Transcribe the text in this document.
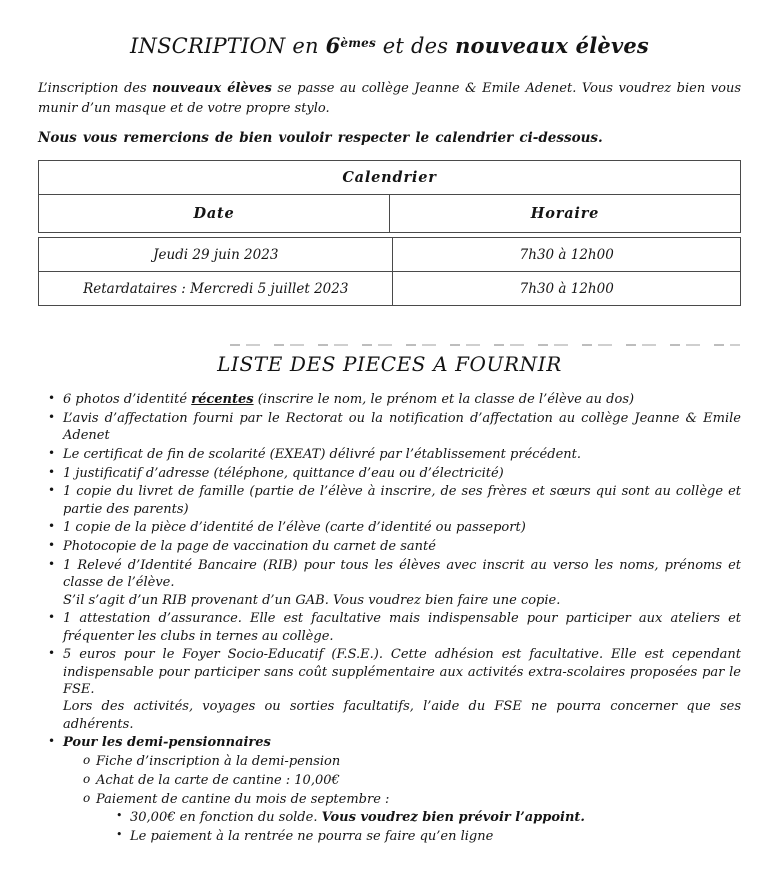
INSCRIPTION en 6èmes et des nouveaux élèves

L’inscription des nouveaux élèves se passe au collège Jeanne & Emile Adenet. Vous voudrez bien vous munir d’un masque et de votre propre stylo.

Nous vous remercions de bien vouloir respecter le calendrier ci-dessous.

Calendrier
Date	Horaire
Jeudi 29 juin 2023	7h30 à 12h00
Retardataires : Mercredi 5 juillet 2023	7h30 à 12h00
LISTE DES PIECES A FOURNIR
• 6 photos d’identité récentes (inscrire le nom, le prénom et la classe de l’élève au dos)
• L’avis d’affectation fourni par le Rectorat ou la notification d’affectation au collège Jeanne & Emile Adenet
• Le certificat de fin de scolarité (EXEAT) délivré par l’établissement précédent.
• 1 justificatif d’adresse (téléphone, quittance d’eau ou d’électricité)
• 1 copie du livret de famille (partie de l’élève à inscrire, de ses frères et sœurs qui sont au collège et partie des parents)
• 1 copie de la pièce d’identité de l’élève (carte d’identité ou passeport)
• Photocopie de la page de vaccination du carnet de santé
• 1 Relevé d’Identité Bancaire (RIB) pour tous les élèves avec inscrit au verso les noms, prénoms et classe de l’élève.
S’il s’agit d’un RIB provenant d’un GAB. Vous voudrez bien faire une copie.
• 1 attestation d’assurance. Elle est facultative mais indispensable pour participer aux ateliers et fréquenter les clubs in ternes au collège.
• 5 euros pour le Foyer Socio-Educatif (F.S.E.). Cette adhésion est facultative. Elle est cependant indispensable pour participer sans coût supplémentaire aux activités extra-scolaires proposées par le FSE.
Lors des activités, voyages ou sorties facultatifs, l’aide du FSE ne pourra concerner que ses adhérents.
• Pour les demi-pensionnaires
o Fiche d’inscription à la demi-pension
o Achat de la carte de cantine : 10,00€
o Paiement de cantine du mois de septembre :
• 30,00€ en fonction du solde. Vous voudrez bien prévoir l’appoint.
• Le paiement à la rentrée ne pourra se faire qu’en ligne
